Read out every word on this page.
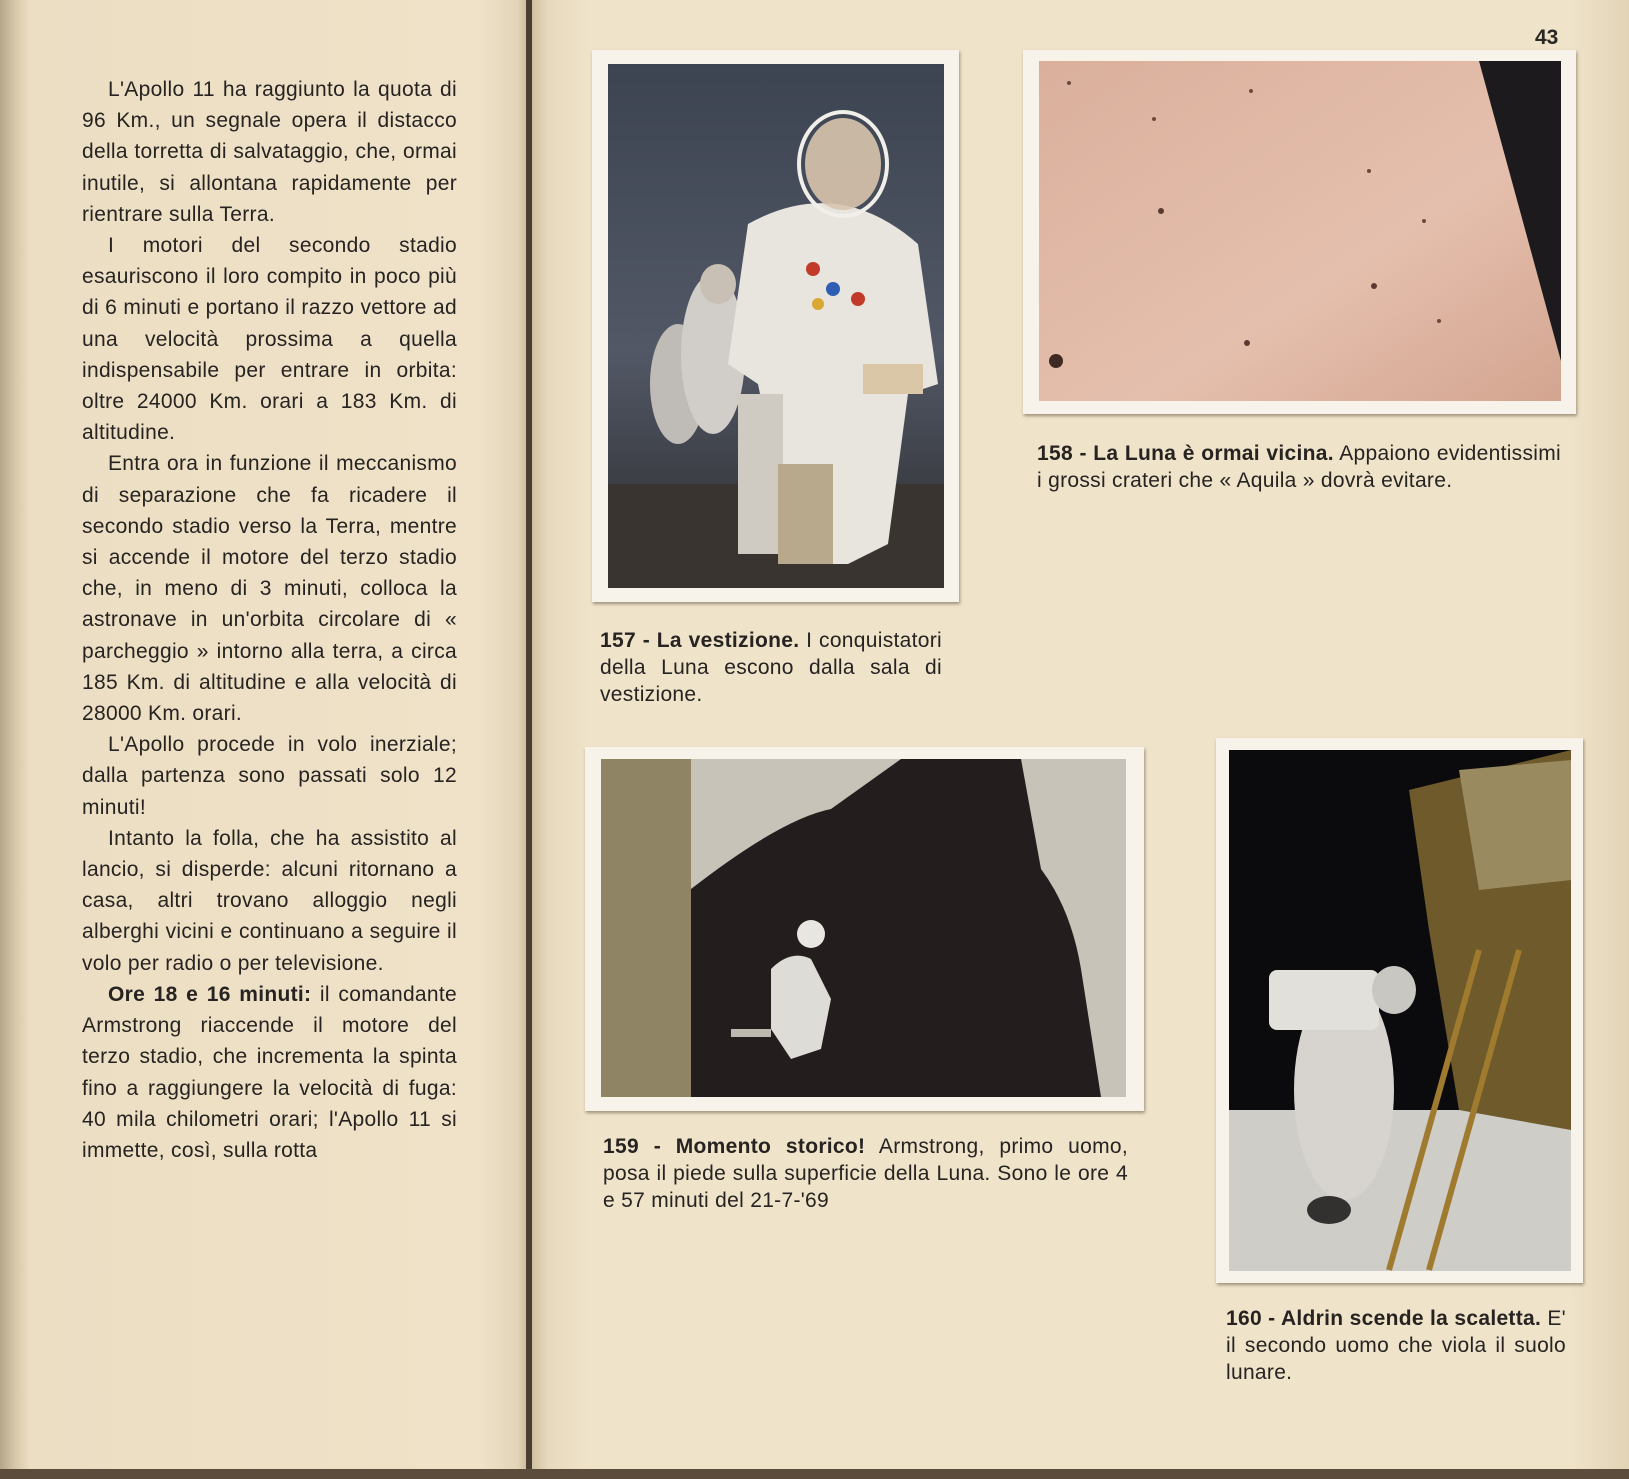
L'Apollo 11 ha raggiunto la quota di 96 Km., un segnale opera il distacco della torretta di salvataggio, che, ormai inutile, si allontana rapidamente per rientrare sulla Terra.

I motori del secondo stadio esauriscono il loro compito in poco più di 6 minuti e portano il razzo vettore ad una velocità prossima a quella indispensabile per entrare in orbita: oltre 24000 Km. orari a 183 Km. di altitudine.

Entra ora in funzione il meccanismo di separazione che fa ricadere il secondo stadio verso la Terra, mentre si accende il motore del terzo stadio che, in meno di 3 minuti, colloca la astronave in un'orbita circolare di « parcheggio » intorno alla terra, a circa 185 Km. di altitudine e alla velocità di 28000 Km. orari.

L'Apollo procede in volo inerziale; dalla partenza sono passati solo 12 minuti!

Intanto la folla, che ha assistito al lancio, si disperde: alcuni ritornano a casa, altri trovano alloggio negli alberghi vicini e continuano a seguire il volo per radio o per televisione.

Ore 18 e 16 minuti: il comandante Armstrong riaccende il motore del terzo stadio, che incrementa la spinta fino a raggiungere la velocità di fuga: 40 mila chilometri orari; l'Apollo 11 si immette, così, sulla rotta

43
157 - La vestizione. I conquistatori della Luna escono dalla sala di vestizione.
158 - La Luna è ormai vicina. Appaiono evidentissimi i grossi crateri che « Aquila » dovrà evitare.
159 - Momento storico! Armstrong, primo uomo, posa il piede sulla superficie della Luna. Sono le ore 4 e 57 minuti del 21-7-'69
160 - Aldrin scende la scaletta. E' il secondo uomo che viola il suolo lunare.
